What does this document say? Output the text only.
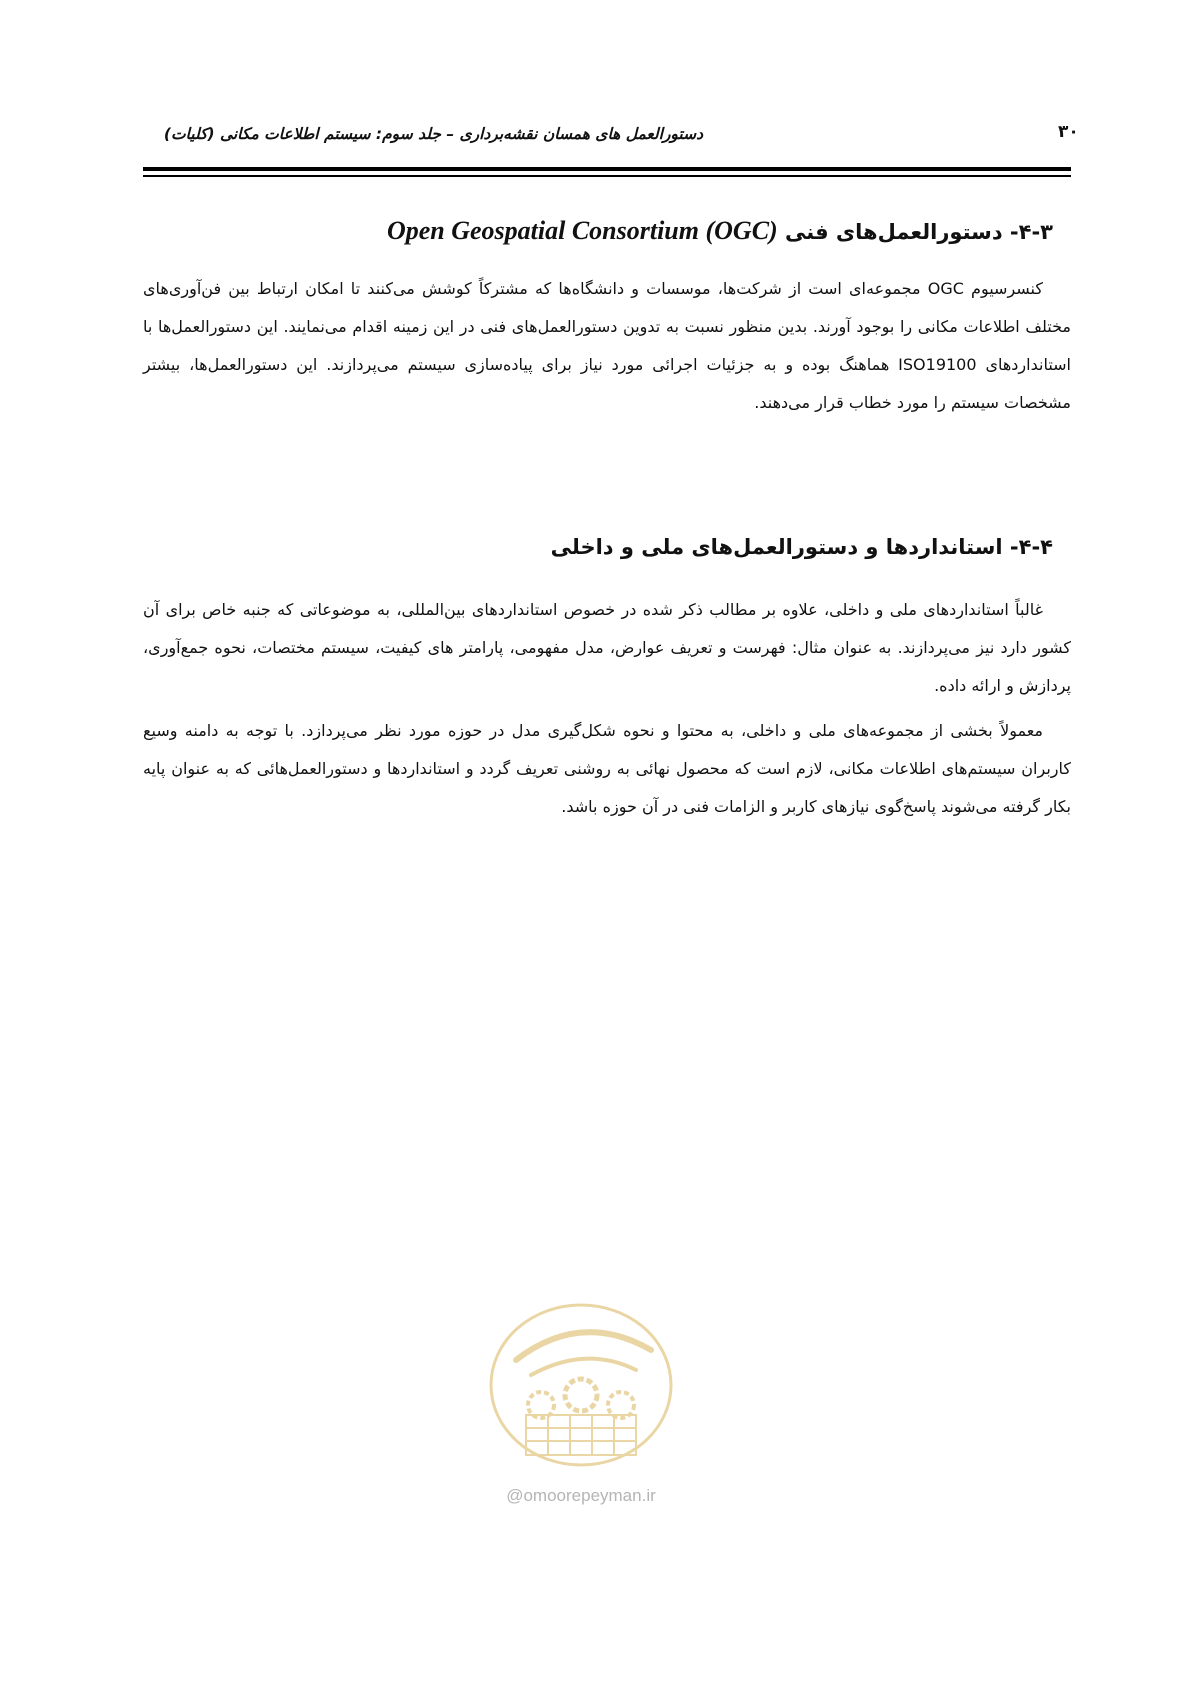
۳۰
دستورالعمل های همسان نقشه‌برداری – جلد سوم: سیستم اطلاعات مکانی (کلیات)
۴-۳- دستورالعمل‌های فنی Open Geospatial Consortium (OGC)

کنسرسیوم OGC مجموعه‌ای است از شرکت‌ها، موسسات و دانشگاه‌ها که مشترکاً کوشش می‌کنند تا امکان ارتباط بین فن‌آوری‌های مختلف اطلاعات مکانی را بوجود آورند. بدین منظور نسبت به تدوین دستورالعمل‌های فنی در این زمینه اقدام می‌نمایند. این دستورالعمل‌ها با استانداردهای ISO19100 هماهنگ بوده و به جزئیات اجرائی مورد نیاز برای پیاده‌سازی سیستم می‌پردازند. این دستورالعمل‌ها، بیشتر مشخصات سیستم را مورد خطاب قرار می‌دهند.

۴-۴- استانداردها و دستورالعمل‌های ملی و داخلی

غالباً استانداردهای ملی و داخلی، علاوه بر مطالب ذکر شده در خصوص استانداردهای بین‌المللی، به موضوعاتی که جنبه خاص برای آن کشور دارد نیز می‌پردازند. به عنوان مثال: فهرست و تعریف عوارض، مدل مفهومی، پارامتر های کیفیت، سیستم مختصات، نحوه جمع‌آوری، پردازش و ارائه داده.

معمولاً بخشی از مجموعه‌های ملی و داخلی، به محتوا و نحوه شکل‌گیری مدل در حوزه مورد نظر می‌پردازد. با توجه به دامنه وسیع کاربران سیستم‌های اطلاعات مکانی، لازم است که محصول نهائی به روشنی تعریف گردد و استانداردها و دستورالعمل‌هائی که به عنوان پایه بکار گرفته می‌شوند پاسخ‌گوی نیازهای کاربر و الزامات فنی در آن حوزه باشد.

@omoorepeyman.ir
